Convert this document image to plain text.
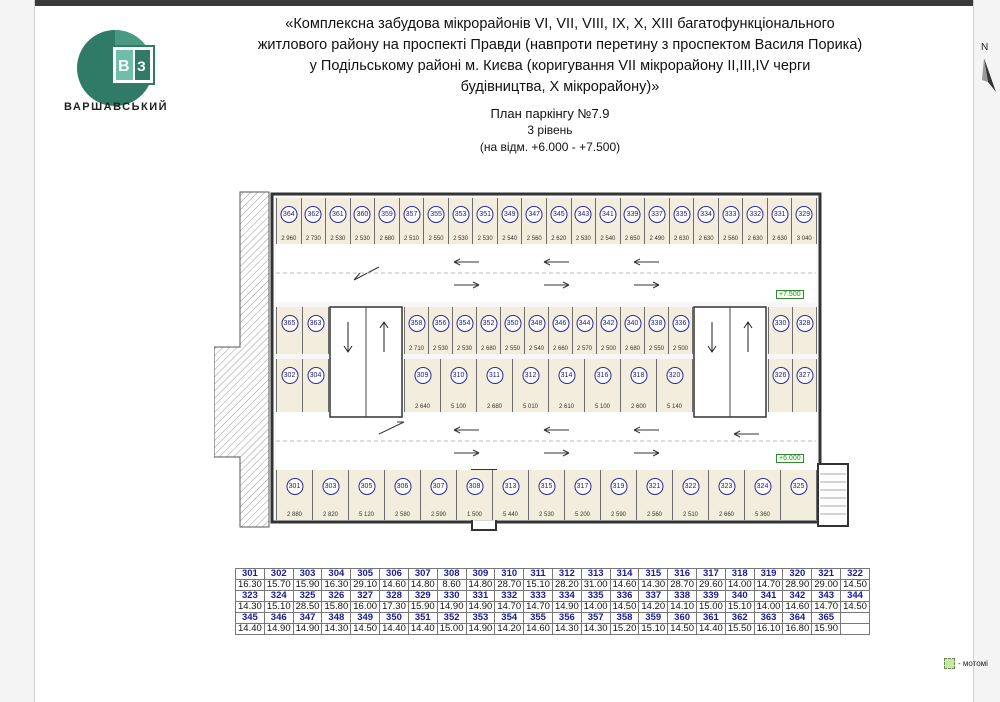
В З
ВАРШАВСЬКИЙ
«Комплексна забудова мікрорайонів VI, VII, VIII, IX, X, XIII багатофункціонального
житлового району на проспекті Правди (навпроти перетину з проспектом Василя Порика)
у Подільському районі м. Києва (коригування VII мікрорайону II,III,IV черги
будівництва, X мікрорайону)»
План паркінгу №7.9
3 рівень
(на відм. +6.000 - +7.500)
N
+7.500
+6.000
364
2 960
362
2 730
361
2 530
360
2 530
359
2 680
357
2 510
355
2 550
353
2 530
351
2 530
349
2 540
347
2 560
345
2 620
343
2 530
341
2 540
339
2 650
337
2 490
335
2 630
334
2 630
333
2 560
332
2 630
331
2 630
329
3 040
365	363	358
2 710
356
2 530
354
2 530
352
2 680
350
2 550
348
2 540
346
2 660
344
2 570
342
2 500
340
2 680
338
2 550
336
2 500
330	328
302	304	309
2 640
310
5 100
311
2 680
312
5 010
314
2 610
316
5 100
318
2 600
320
5 140
326	327
301
2 880
303
2 820
305
5 120
306
2 580
307
2 590
308
1 500
313
5 440
315
2 530
317
5 200
319
2 590
321
2 560
322
2 510
323
2 660
324
5 360
325
301	302	303	304	305	306	307	308	309	310	311	312	313	314	315	316	317	318	319	320	321	322
16.30	15.70	15.90	16.30	29.10	14.60	14.80	8.60	14.80	28.70	15.10	28.20	31.00	14.60	14.30	28.70	29.60	14.00	14.70	28.90	29.00	14.50
323	324	325	326	327	328	329	330	331	332	333	334	335	336	337	338	339	340	341	342	343	344
14.30	15.10	28.50	15.80	16.00	17.30	15.90	14.90	14.90	14.70	14.70	14.90	14.00	14.50	14.20	14.10	15.00	15.10	14.00	14.60	14.70	14.50
345	346	347	348	349	350	351	352	353	354	355	356	357	358	359	360	361	362	363	364	365	
14.40	14.90	14.90	14.30	14.50	14.40	14.40	15.00	14.90	14.20	14.60	14.30	14.30	15.20	15.10	14.50	14.40	15.50	16.10	16.80	15.90	
- мотомі
